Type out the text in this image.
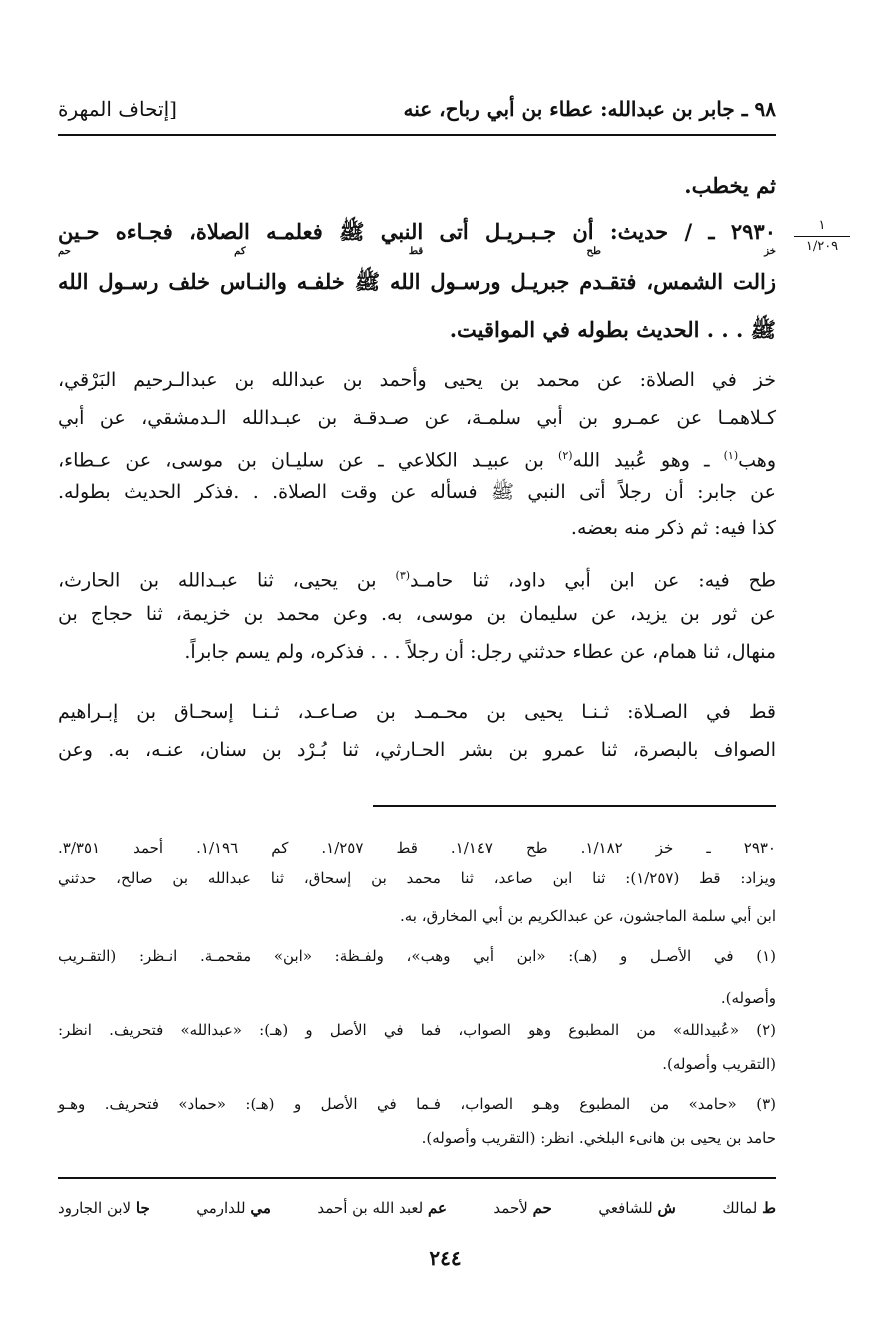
٩٨ ـ جابر بن عبدالله: عطاء بن أبي رباح، عنه
[إتحاف المهرة
١
١/٢٠٩
ثم يخطب.
٢٩٣٠ ـ / حديث: أن جـبـريـل أتى النبي ﷺ فعلمـه الصلاة، فجـاءه حـين
خز طح قط كم حم
زالت الشمس، فتقـدم جبريـل ورسـول الله ﷺ خلفـه والنـاس خلف رسـول الله
ﷺ . . . الحديث بطوله في المواقيت.
خز في الصلاة: عن محمد بن يحيى وأحمد بن عبدالله بن عبدالـرحيم البَرْقي،
كـلاهمـا عن عمـرو بن أبي سلمـة، عن صـدقـة بن عبـدالله الـدمشقي، عن أبي
وهب$^{(١)}$ ـ وهو عُبيد الله$^{(٢)}$ بن عبيـد الكلاعي ـ عن سليـان بن موسى، عن عـطاء،
عن جابر: أن رجلاً أتى النبي ﷺ فسأله عن وقت الصلاة. . .فذكر الحديث بطوله.
كذا فيه: ثم ذكر منه بعضه.
طح فيه: عن ابن أبي داود، ثنا حامـد$^{(٣)}$ بن يحيى، ثنا عبـدالله بن الحارث،
عن ثور بن يزيد، عن سليمان بن موسى، به. وعن محمد بن خزيمة، ثنا حجاج بن
منهال، ثنا همام، عن عطاء حدثني رجل: أن رجلاً . . . فذكره، ولم يسم جابراً.
قط في الصـلاة: ثـنـا يحيى بن محـمـد بن صـاعـد، ثـنـا إسحـاق بن إبـراهيم
الصواف بالبصرة، ثنا عمرو بن بشر الحـارثي، ثنا بُـرْد بن سنان، عنـه، به. وعن
٢٩٣٠ ـ خز ١/١٨٢. طح ١/١٤٧. قط ١/٢٥٧. كم ١/١٩٦. أحمد ٣/٣٥١.
ويزاد: قط (١/٢٥٧): ثنا ابن صاعد، ثنا محمد بن إسحاق، ثنا عبدالله بن صالح، حدثني
ابن أبي سلمة الماجشون، عن عبدالكريم بن أبي المخارق، به.
(١) في الأصـل و (هـ): «ابن أبي وهب»، ولفـظة: «ابن» مقحمـة. انـظر: (التقـريب
وأصوله).
(٢) «عُبيدالله» من المطبوع وهو الصواب، فما في الأصل و (هـ): «عبدالله» فتحريف. انظر:
(التقريب وأصوله).
(٣) «حامد» من المطبوع وهـو الصواب، فـما في الأصل و (هـ): «حماد» فتحريف. وهـو
حامد بن يحيى بن هانىء البلخي. انظر: (التقريب وأصوله).
ط لمالك
ش للشافعي
حم لأحمد
عم لعبد الله بن أحمد
مي للدارمي
جا لابن الجارود
٢٤٤
